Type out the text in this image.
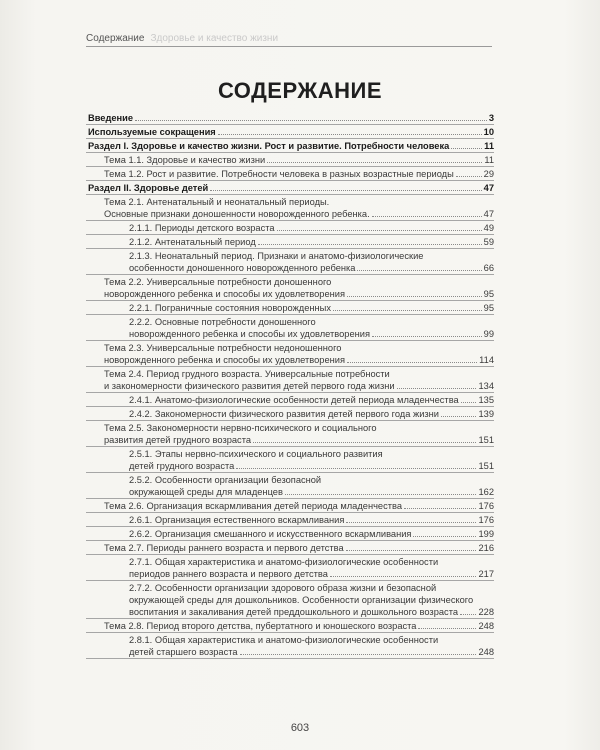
Содержание Здоровье и качество жизни
СОДЕРЖАНИЕ
Введение	3
Используемые сокращения	10
Раздел I. Здоровье и качество жизни. Рост и развитие. Потребности человека	11
Тема 1.1. Здоровье и качество жизни	11
Тема 1.2. Рост и развитие. Потребности человека в разных возрастные периоды	29
Раздел II. Здоровье детей	47
Тема 2.1. Антенатальный и неонатальный периоды.
Основные признаки доношенности новорожденного ребенка.	47
2.1.1. Периоды детского возраста	49
2.1.2. Антенатальный период	59
2.1.3. Неонатальный период. Признаки и анатомо-физиологические
особенности доношенного новорожденного ребенка	66
Тема 2.2. Универсальные потребности доношенного
новорожденного ребенка и способы их удовлетворения	95
2.2.1. Пограничные состояния новорожденных	95
2.2.2. Основные потребности доношенного
новорожденного ребенка и способы их удовлетворения	99
Тема 2.3. Универсальные потребности недоношенного
новорожденного ребенка и способы их удовлетворения	114
Тема 2.4. Период грудного возраста. Универсальные потребности
и закономерности физического развития детей первого года жизни	134
2.4.1. Анатомо-физиологические особенности детей периода младенчества 135
2.4.2. Закономерности физического развития детей первого года жизни	139
Тема 2.5. Закономерности нервно-психического и социального
развития детей грудного возраста	151
2.5.1. Этапы нервно-психического и социального развития
детей грудного возраста	151
2.5.2. Особенности организации безопасной
окружающей среды для младенцев	162
Тема 2.6. Организация вскармливания детей периода младенчества	176
2.6.1. Организация естественного вскармливания	176
2.6.2. Организация смешанного и искусственного вскармливания	199
Тема 2.7. Периоды раннего возраста и первого детства	216
2.7.1. Общая характеристика и анатомо-физиологические особенности
периодов раннего возраста и первого детства	217
2.7.2. Особенности организации здорового образа жизни и безопасной
окружающей среды для дошкольников. Особенности организации физического
воспитания и закаливания детей преддошкольного и дошкольного возраста 228
Тема 2.8. Период второго детства, пубертатного и юношеского возраста	248
2.8.1. Общая характеристика и анатомо-физиологические особенности
детей старшего возраста	248
603
